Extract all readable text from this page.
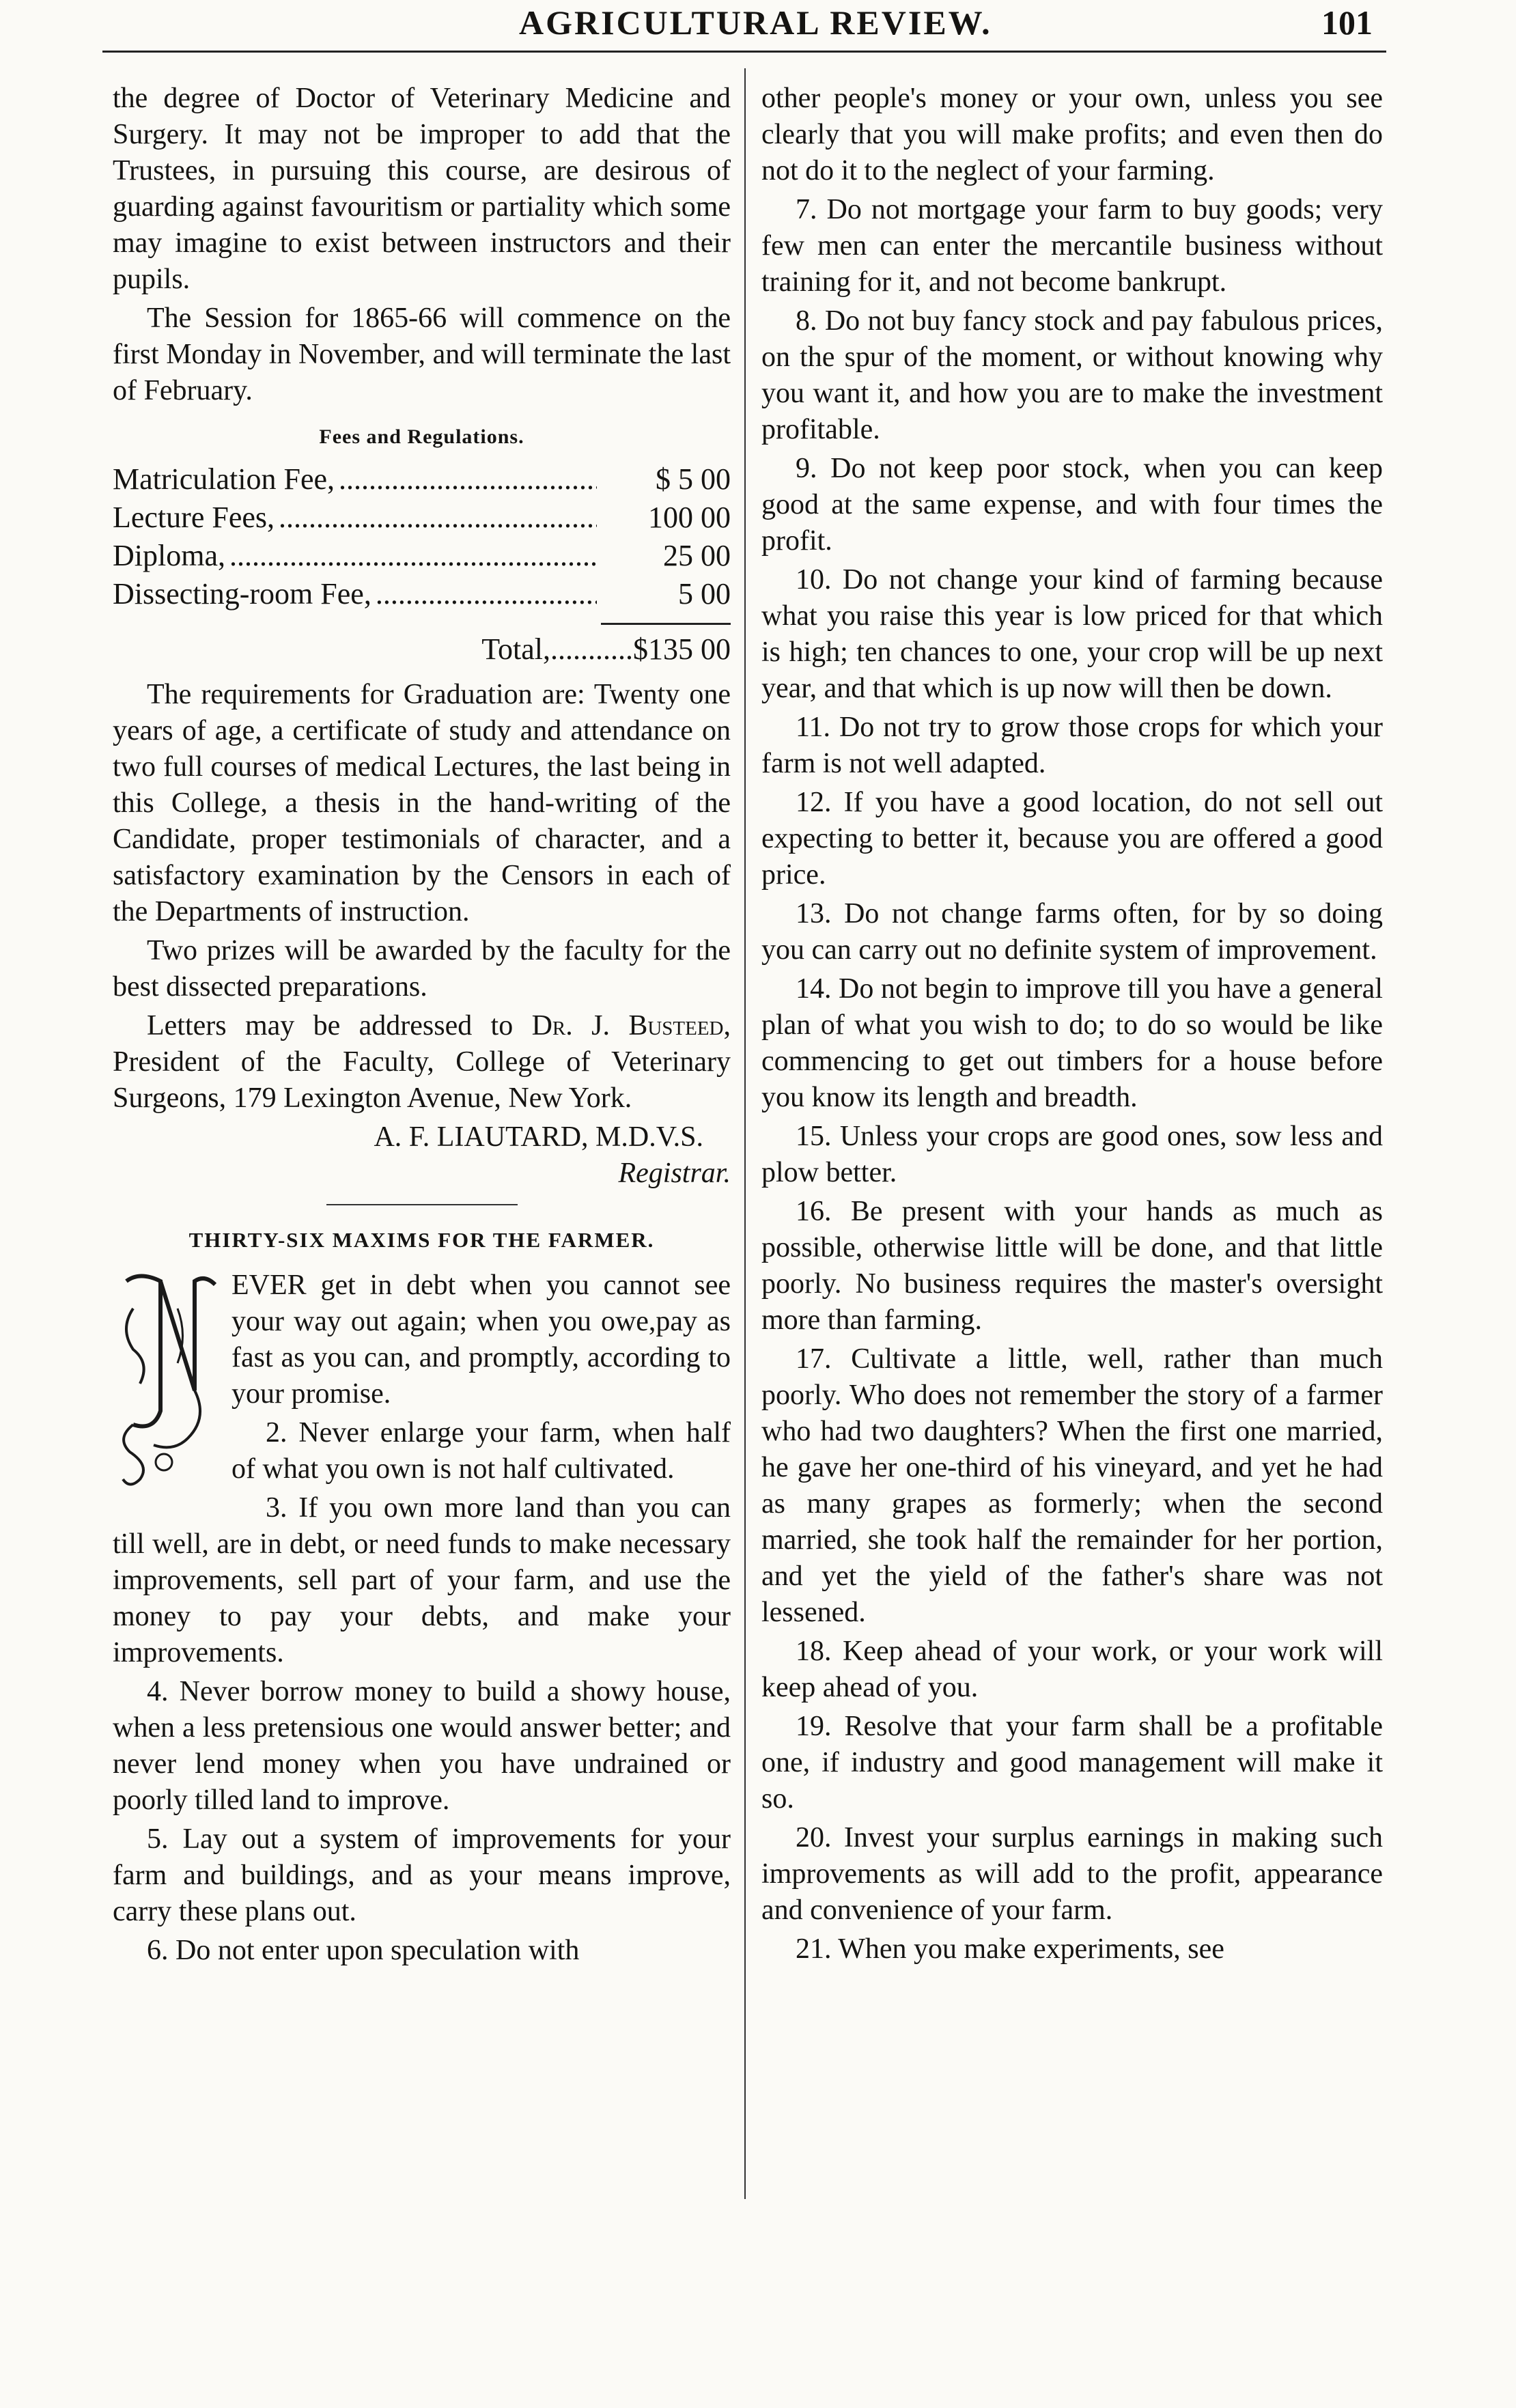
AGRICULTURAL REVIEW.	101

the degree of Doctor of Veterinary Medicine and Surgery. It may not be improper to add that the Trustees, in pursuing this course, are desirous of guarding against favouritism or partiality which some may imagine to exist between instructors and their pupils.

The Session for 1865-66 will commence on the first Monday in November, and will terminate the last of February.

Fees and Regulations.
Matriculation Fee, .....	$ 5 00
Lecture Fees, .....	100 00
Diploma, .....	25 00
Dissecting-room Fee, .....	5 00
Total,...........$135 00

The requirements for Graduation are: Twenty one years of age, a certificate of study and attendance on two full courses of medical Lectures, the last being in this College, a thesis in the hand-writing of the Candidate, proper testimonials of character, and a satisfactory examination by the Censors in each of the Departments of instruction.

Two prizes will be awarded by the faculty for the best dissected preparations.

Letters may be addressed to Dr. J. Busteed, President of the Faculty, College of Veterinary Surgeons, 179 Lexington Avenue, New York.

A. F. LIAUTARD, M.D.V.S.

Registrar.

THIRTY-SIX MAXIMS FOR THE FARMER.

EVER get in debt when you cannot see your way out again; when you owe,pay as fast as you can, and promptly, according to your promise.

2. Never enlarge your farm, when half of what you own is not half cultivated.

3. If you own more land than you can till well, are in debt, or need funds to make necessary improvements, sell part of your farm, and use the money to pay your debts, and make your improvements.

4. Never borrow money to build a showy house, when a less pretensious one would answer better; and never lend money when you have undrained or poorly tilled land to improve.

5. Lay out a system of improvements for your farm and buildings, and as your means improve, carry these plans out.

6. Do not enter upon speculation with

other people's money or your own, unless you see clearly that you will make profits; and even then do not do it to the neglect of your farming.

7. Do not mortgage your farm to buy goods; very few men can enter the mercantile business without training for it, and not become bankrupt.

8. Do not buy fancy stock and pay fabulous prices, on the spur of the moment, or without knowing why you want it, and how you are to make the investment profitable.

9. Do not keep poor stock, when you can keep good at the same expense, and with four times the profit.

10. Do not change your kind of farming because what you raise this year is low priced for that which is high; ten chances to one, your crop will be up next year, and that which is up now will then be down.

11. Do not try to grow those crops for which your farm is not well adapted.

12. If you have a good location, do not sell out expecting to better it, because you are offered a good price.

13. Do not change farms often, for by so doing you can carry out no definite system of improvement.

14. Do not begin to improve till you have a general plan of what you wish to do; to do so would be like commencing to get out timbers for a house before you know its length and breadth.

15. Unless your crops are good ones, sow less and plow better.

16. Be present with your hands as much as possible, otherwise little will be done, and that little poorly. No business requires the master's oversight more than farming.

17. Cultivate a little, well, rather than much poorly. Who does not remember the story of a farmer who had two daughters? When the first one married, he gave her one-third of his vineyard, and yet he had as many grapes as formerly; when the second married, she took half the remainder for her portion, and yet the yield of the father's share was not lessened.

18. Keep ahead of your work, or your work will keep ahead of you.

19. Resolve that your farm shall be a profitable one, if industry and good management will make it so.

20. Invest your surplus earnings in making such improvements as will add to the profit, appearance and convenience of your farm.

21. When you make experiments, see
